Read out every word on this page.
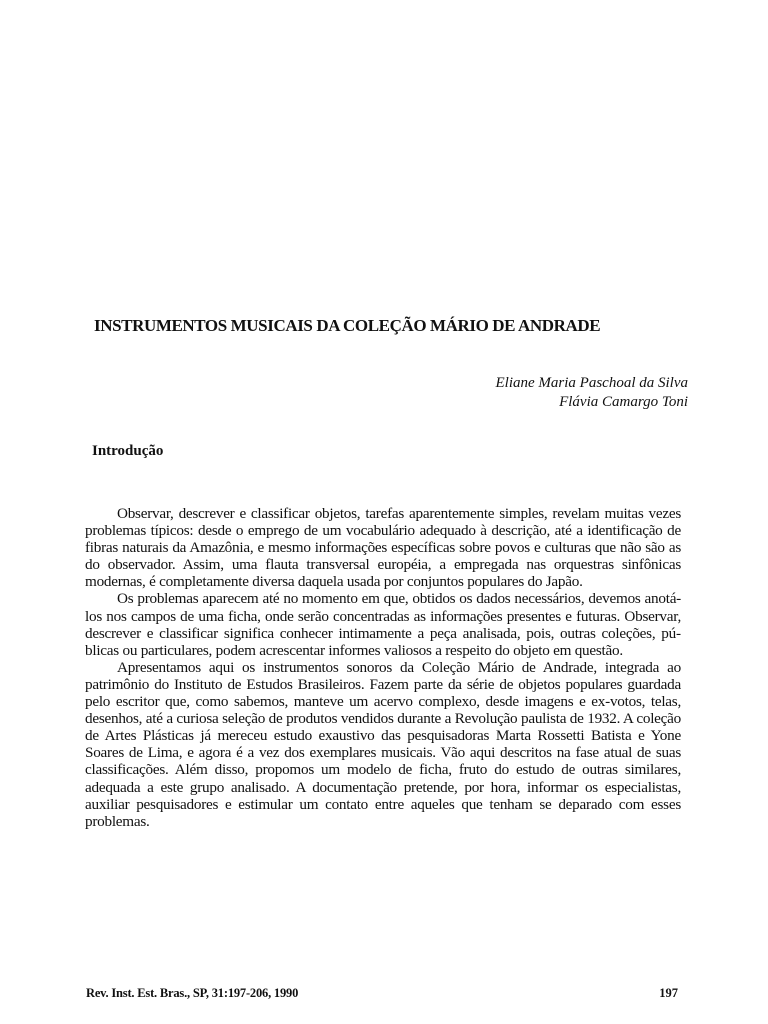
INSTRUMENTOS MUSICAIS DA COLEÇÃO MÁRIO DE ANDRADE
Eliane Maria Paschoal da Silva
Flávia Camargo Toni
Introdução

Observar, descrever e classificar objetos, tarefas aparentemente simples, revelam muitas vezes problemas típicos: desde o emprego de um vocabulário adequado à descrição, até a identificação de fibras naturais da Amazônia, e mesmo informações específicas sobre povos e culturas que não são as do observador. Assim, uma flauta transversal européia, a empregada nas orquestras sinfônicas modernas, é completamente diversa daquela usada por conjuntos populares do Japão.

Os problemas aparecem até no momento em que, obtidos os dados necessários, devemos anotá-los nos campos de uma ficha, onde serão concentradas as informações presentes e futuras. Observar, descrever e classificar significa conhecer intimamente a peça analisada, pois, outras coleções, públicas ou particulares, podem acrescentar informes valiosos a respeito do objeto em questão.

Apresentamos aqui os instrumentos sonoros da Coleção Mário de Andrade, integrada ao patrimônio do Instituto de Estudos Brasileiros. Fazem parte da série de objetos populares guardada pelo escritor que, como sabemos, manteve um acervo complexo, desde imagens e ex-votos, telas, desenhos, até a curiosa seleção de produtos vendidos durante a Revolução paulista de 1932. A coleção de Artes Plásticas já mereceu estudo exaustivo das pesquisadoras Marta Rossetti Batista e Yone Soares de Lima, e agora é a vez dos exemplares musicais. Vão aqui descritos na fase atual de suas classificações. Além disso, propomos um modelo de ficha, fruto do estudo de outras similares, adequada a este grupo analisado. A documentação pretende, por hora, informar os especialistas, auxiliar pesquisadores e estimular um contato entre aqueles que tenham se deparado com esses problemas.

Rev. Inst. Est. Bras., SP, 31:197-206, 1990	197
